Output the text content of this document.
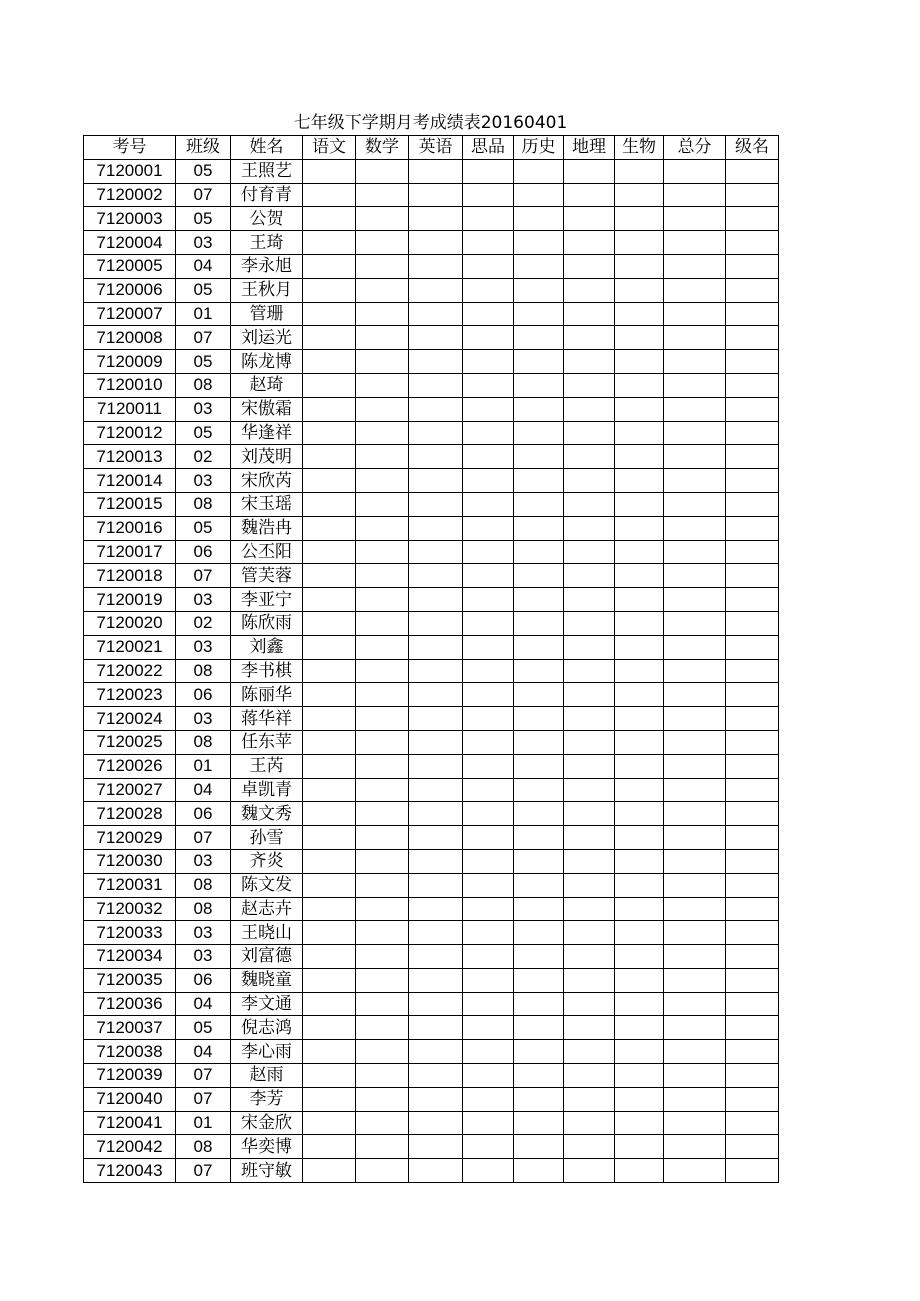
七年级下学期月考成绩表20160401
考号	班级	姓名	语文	数学	英语	思品	历史	地理	生物	总分	级名
7120001	05	王照艺									
7120002	07	付育青									
7120003	05	公贺									
7120004	03	王琦									
7120005	04	李永旭									
7120006	05	王秋月									
7120007	01	管珊									
7120008	07	刘运光									
7120009	05	陈龙博									
7120010	08	赵琦									
7120011	03	宋傲霜									
7120012	05	华逢祥									
7120013	02	刘茂明									
7120014	03	宋欣芮									
7120015	08	宋玉瑶									
7120016	05	魏浩冉									
7120017	06	公丕阳									
7120018	07	管芙蓉									
7120019	03	李亚宁									
7120020	02	陈欣雨									
7120021	03	刘鑫									
7120022	08	李书棋									
7120023	06	陈丽华									
7120024	03	蒋华祥									
7120025	08	任东苹									
7120026	01	王芮									
7120027	04	卓凯青									
7120028	06	魏文秀									
7120029	07	孙雪									
7120030	03	齐炎									
7120031	08	陈文发									
7120032	08	赵志卉									
7120033	03	王晓山									
7120034	03	刘富德									
7120035	06	魏晓童									
7120036	04	李文通									
7120037	05	倪志鸿									
7120038	04	李心雨									
7120039	07	赵雨									
7120040	07	李芳									
7120041	01	宋金欣									
7120042	08	华奕博									
7120043	07	班守敏									
